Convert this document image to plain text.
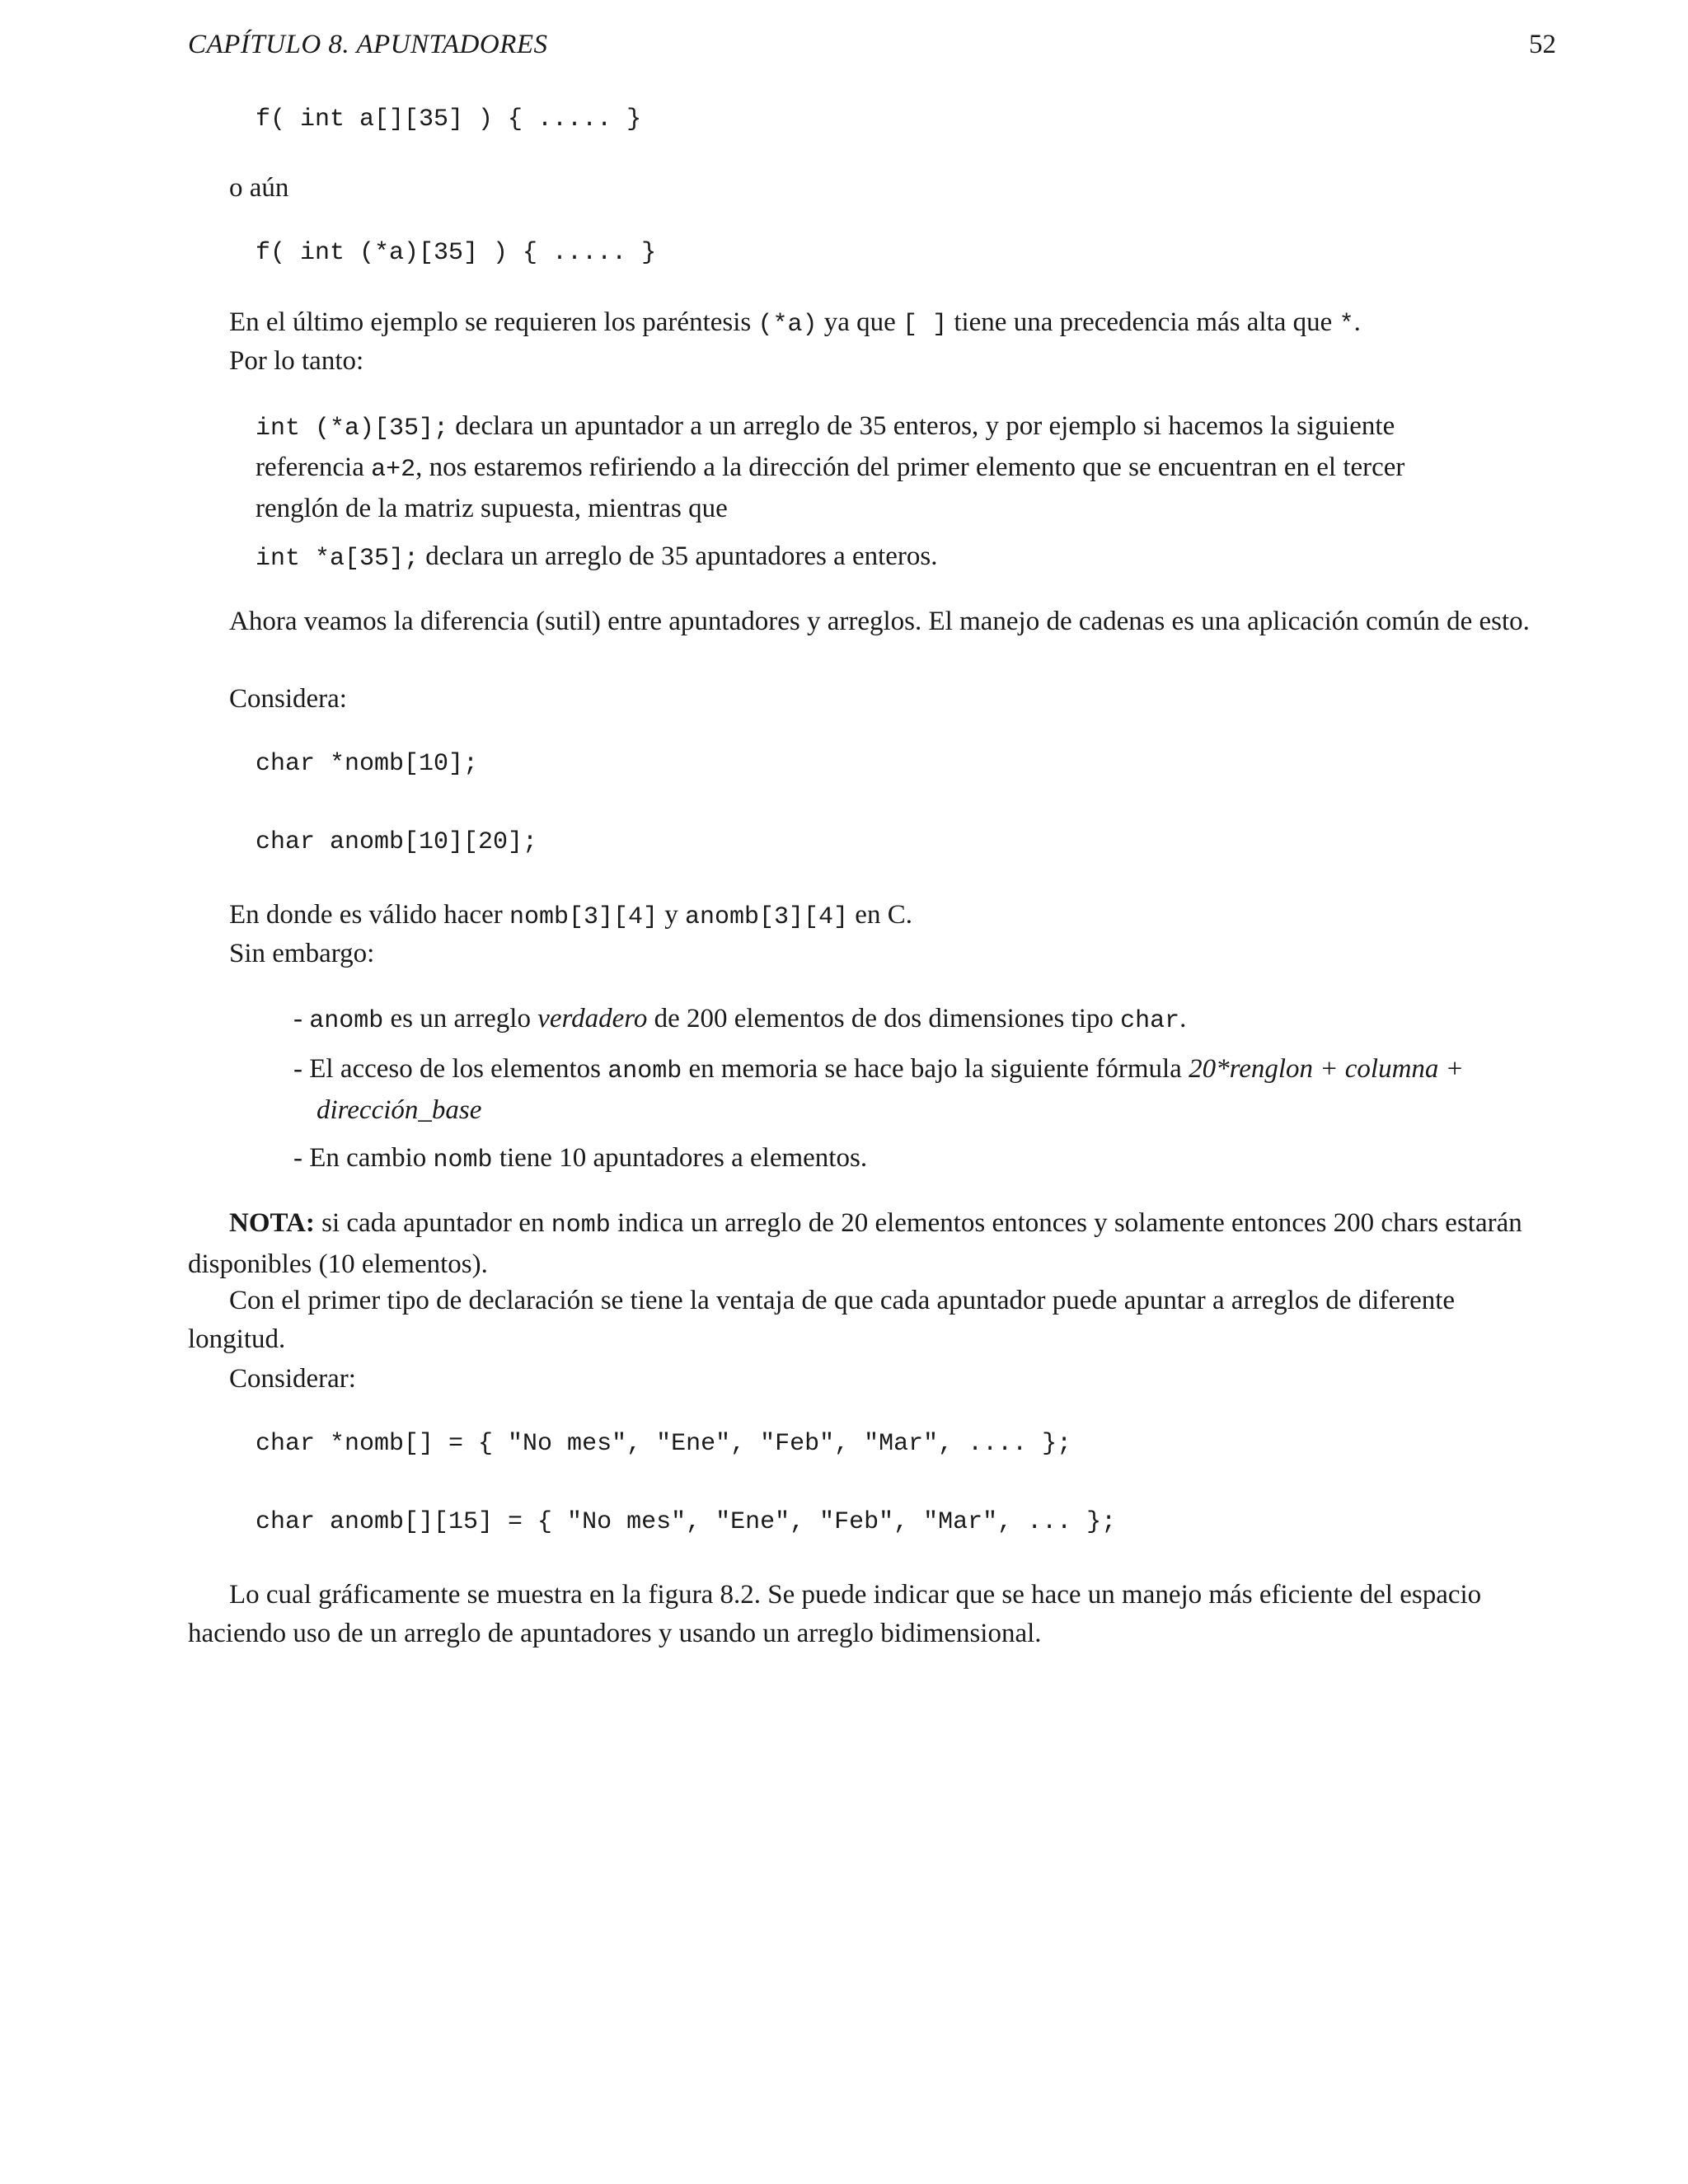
CAPÍTULO 8. APUNTADORES	52
f( int a[][35] ) { ..... }
o aún
f( int (*a)[35] ) { ..... }
En el último ejemplo se requieren los paréntesis (*a) ya que [ ] tiene una precedencia más alta que *.
Por lo tanto:
int (*a)[35]; declara un apuntador a un arreglo de 35 enteros, y por ejemplo si hacemos la siguiente referencia a+2, nos estaremos refiriendo a la dirección del primer elemento que se encuentran en el tercer renglón de la matriz supuesta, mientras que
int *a[35]; declara un arreglo de 35 apuntadores a enteros.
Ahora veamos la diferencia (sutil) entre apuntadores y arreglos. El manejo de cadenas es una aplicación común de esto.
Considera:
char *nomb[10];
char anomb[10][20];
En donde es válido hacer nomb[3][4] y anomb[3][4] en C.
Sin embargo:
- anomb es un arreglo verdadero de 200 elementos de dos dimensiones tipo char.
- El acceso de los elementos anomb en memoria se hace bajo la siguiente fórmula 20*renglon + columna + dirección_base
- En cambio nomb tiene 10 apuntadores a elementos.
NOTA: si cada apuntador en nomb indica un arreglo de 20 elementos entonces y solamente entonces 200 chars estarán disponibles (10 elementos).
Con el primer tipo de declaración se tiene la ventaja de que cada apuntador puede apuntar a arreglos de diferente longitud.
Considerar:
char *nomb[] = { "No mes", "Ene", "Feb", "Mar", .... };
char anomb[][15] = { "No mes", "Ene", "Feb", "Mar", ... };
Lo cual gráficamente se muestra en la figura 8.2. Se puede indicar que se hace un manejo más eficiente del espacio haciendo uso de un arreglo de apuntadores y usando un arreglo bidimensional.
